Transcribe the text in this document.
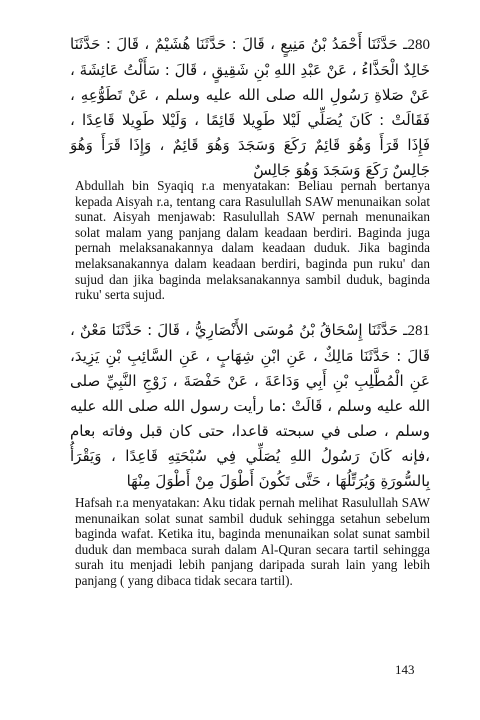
280ـ حَدَّثَنَا أَحْمَدُ بْنُ مَنِيعٍ ، قَالَ : حَدَّثَنَا هُشَيْمٌ ، قَالَ : حَدَّثَنَا خَالِدٌ الْحَذَّاءُ ، عَنْ عَبْدِ اللهِ بْنِ شَقِيقٍ ، قَالَ : سَأَلْتُ عَائِشَةَ ، عَنْ صَلاةِ رَسُولِ الله صلى الله عليه وسلم ، عَنْ تَطَوُّعِهِ ، فَقَالَتْ : كَانَ يُصَلِّي لَيْلا طَوِيلا قَائِمًا ، وَلَيْلا طَوِيلا قَاعِدًا ، فَإِذَا قَرَأَ وَهُوَ قَائِمٌ رَكَعَ وَسَجَدَ وَهُوَ قَائِمٌ ، وَإِذَا قَرَأَ وَهُوَ جَالِسٌ رَكَعَ وَسَجَدَ وَهُوَ جَالِسٌ

Abdullah bin Syaqiq r.a menyatakan: Beliau pernah bertanya kepada Aisyah r.a, tentang cara Rasulullah SAW menunaikan solat sunat. Aisyah menjawab: Rasulullah SAW pernah menunaikan solat malam yang panjang dalam keadaan berdiri. Baginda juga pernah melaksanakannya dalam keadaan duduk. Jika baginda melaksanakannya dalam keadaan berdiri, baginda pun ruku' dan sujud dan jika baginda melaksanakannya sambil duduk, baginda ruku' serta sujud.

281ـ حَدَّثَنَا إِسْحَاقُ بْنُ مُوسَى الأَنْصَارِيُّ ، قَالَ : حَدَّثَنَا مَعْنٌ ، قَالَ : حَدَّثَنَا مَالِكٌ ، عَنِ ابْنِ شِهَابٍ ، عَنِ السَّائِبِ بْنِ يَزِيدَ، عَنِ الْمُطَّلِبِ بْنِ أَبِي وَدَاعَةَ ، عَنْ حَفْصَةَ ، زَوْجِ النَّبِيِّ صلى الله عليه وسلم ، قَالَتْ :ما رأيت رسول الله صلى الله عليه وسلم ، صلى في سبحته قاعدا، حتى كان قبل وفاته بعام ،فإنه كَانَ رَسُولُ اللهِ يُصَلِّي فِي سُبْحَتِهِ قَاعِدًا ، وَيَقْرَأُ بِالسُّورَةِ وَيُرَتِّلُهَا ، حَتَّى تَكُونَ أَطْوَلَ مِنْ أَطْوَلَ مِنْهَا

Hafsah r.a menyatakan: Aku tidak pernah melihat Rasulullah SAW menunaikan solat sunat sambil duduk sehingga setahun sebelum baginda wafat. Ketika itu, baginda menunaikan solat sunat sambil duduk dan membaca surah dalam Al-Quran secara tartil sehingga surah itu menjadi lebih panjang daripada surah lain yang lebih panjang ( yang dibaca tidak secara tartil).

143
